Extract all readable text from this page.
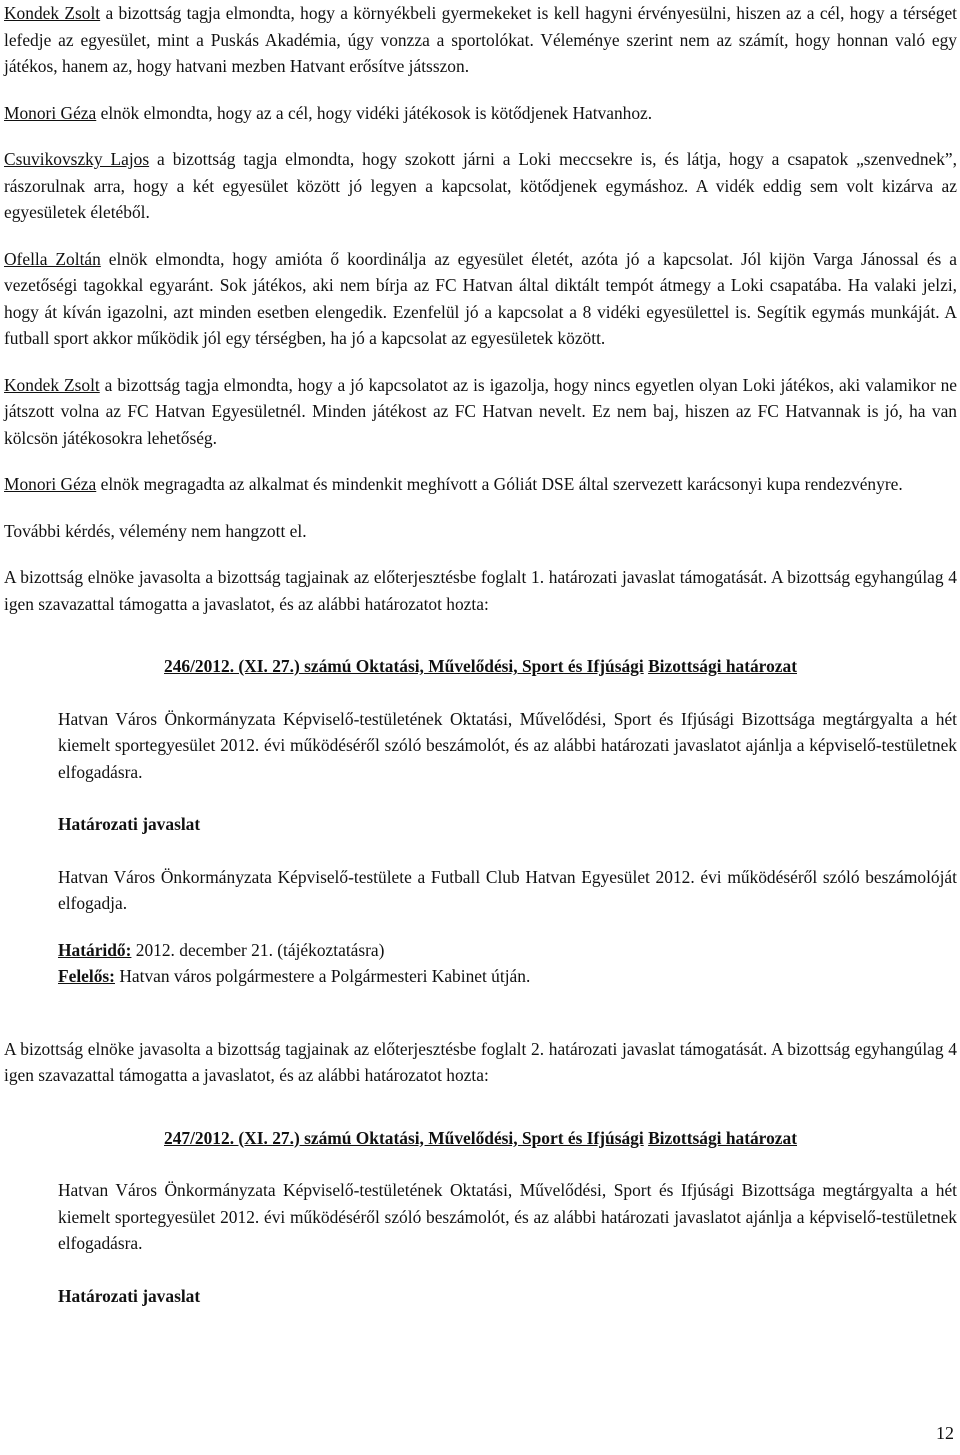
Kondek Zsolt a bizottság tagja elmondta, hogy a környékbeli gyermekeket is kell hagyni érvényesülni, hiszen az a cél, hogy a térséget lefedje az egyesület, mint a Puskás Akadémia, úgy vonzza a sportolókat. Véleménye szerint nem az számít, hogy honnan való egy játékos, hanem az, hogy hatvani mezben Hatvant erősítve játsszon.

Monori Géza elnök elmondta, hogy az a cél, hogy vidéki játékosok is kötődjenek Hatvanhoz.

Csuvikovszky Lajos a bizottság tagja elmondta, hogy szokott járni a Loki meccsekre is, és látja, hogy a csapatok „szenvednek”, rászorulnak arra, hogy a két egyesület között jó legyen a kapcsolat, kötődjenek egymáshoz. A vidék eddig sem volt kizárva az egyesületek életéből.

Ofella Zoltán elnök elmondta, hogy amióta ő koordinálja az egyesület életét, azóta jó a kapcsolat. Jól kijön Varga Jánossal és a vezetőségi tagokkal egyaránt. Sok játékos, aki nem bírja az FC Hatvan által diktált tempót átmegy a Loki csapatába. Ha valaki jelzi, hogy át kíván igazolni, azt minden esetben elengedik. Ezenfelül jó a kapcsolat a 8 vidéki egyesülettel is. Segítik egymás munkáját. A futball sport akkor működik jól egy térségben, ha jó a kapcsolat az egyesületek között.

Kondek Zsolt a bizottság tagja elmondta, hogy a jó kapcsolatot az is igazolja, hogy nincs egyetlen olyan Loki játékos, aki valamikor ne játszott volna az FC Hatvan Egyesületnél. Minden játékost az FC Hatvan nevelt. Ez nem baj, hiszen az FC Hatvannak is jó, ha van kölcsön játékosokra lehetőség.

Monori Géza elnök megragadta az alkalmat és mindenkit meghívott a Góliát DSE által szervezett karácsonyi kupa rendezvényre.

További kérdés, vélemény nem hangzott el.

A bizottság elnöke javasolta a bizottság tagjainak az előterjesztésbe foglalt 1. határozati javaslat támogatását. A bizottság egyhangúlag 4 igen szavazattal támogatta a javaslatot, és az alábbi határozatot hozta:

246/2012. (XI. 27.) számú Oktatási, Művelődési, Sport és Ifjúsági Bizottsági határozat

Hatvan Város Önkormányzata Képviselő-testületének Oktatási, Művelődési, Sport és Ifjúsági Bizottsága megtárgyalta a hét kiemelt sportegyesület 2012. évi működéséről szóló beszámolót, és az alábbi határozati javaslatot ajánlja a képviselő-testületnek elfogadásra.

Határozati javaslat

Hatvan Város Önkormányzata Képviselő-testülete a Futball Club Hatvan Egyesület 2012. évi működéséről szóló beszámolóját elfogadja.

Határidő: 2012. december 21. (tájékoztatásra)

Felelős: Hatvan város polgármestere a Polgármesteri Kabinet útján.

A bizottság elnöke javasolta a bizottság tagjainak az előterjesztésbe foglalt 2. határozati javaslat támogatását. A bizottság egyhangúlag 4 igen szavazattal támogatta a javaslatot, és az alábbi határozatot hozta:

247/2012. (XI. 27.) számú Oktatási, Művelődési, Sport és Ifjúsági Bizottsági határozat

Hatvan Város Önkormányzata Képviselő-testületének Oktatási, Művelődési, Sport és Ifjúsági Bizottsága megtárgyalta a hét kiemelt sportegyesület 2012. évi működéséről szóló beszámolót, és az alábbi határozati javaslatot ajánlja a képviselő-testületnek elfogadásra.

Határozati javaslat

12
